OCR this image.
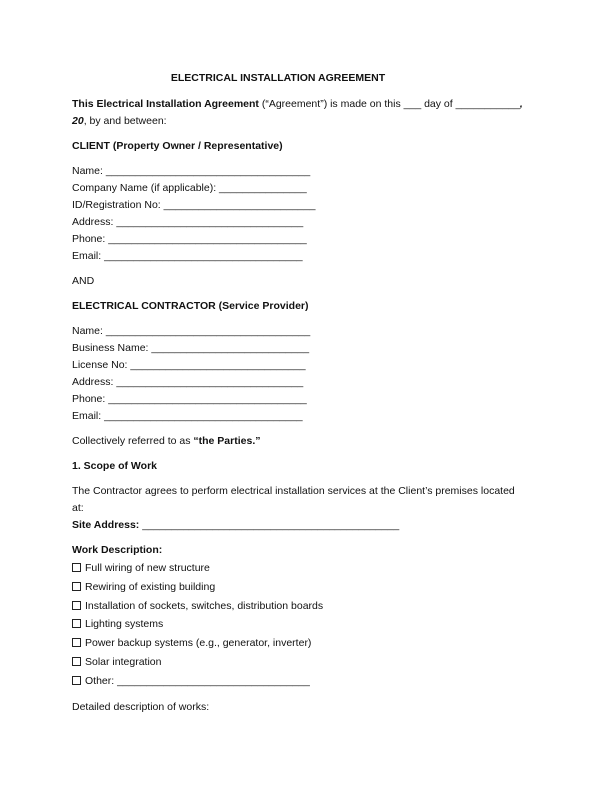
ELECTRICAL INSTALLATION AGREEMENT
This Electrical Installation Agreement (“Agreement”) is made on this ___ day of ___________,
20, by and between:
CLIENT (Property Owner / Representative)
Name: ___________________________________
Company Name (if applicable): _______________
ID/Registration No: __________________________
Address: ________________________________
Phone: __________________________________
Email: __________________________________
AND
ELECTRICAL CONTRACTOR (Service Provider)
Name: ___________________________________
Business Name: ___________________________
License No: ______________________________
Address: ________________________________
Phone: __________________________________
Email: __________________________________
Collectively referred to as “the Parties.”
1. Scope of Work
The Contractor agrees to perform electrical installation services at the Client’s premises located
at:
Site Address: ____________________________________________
Work Description:
Full wiring of new structure
Rewiring of existing building
Installation of sockets, switches, distribution boards
Lighting systems
Power backup systems (e.g., generator, inverter)
Solar integration
Other: _________________________________
Detailed description of works:
